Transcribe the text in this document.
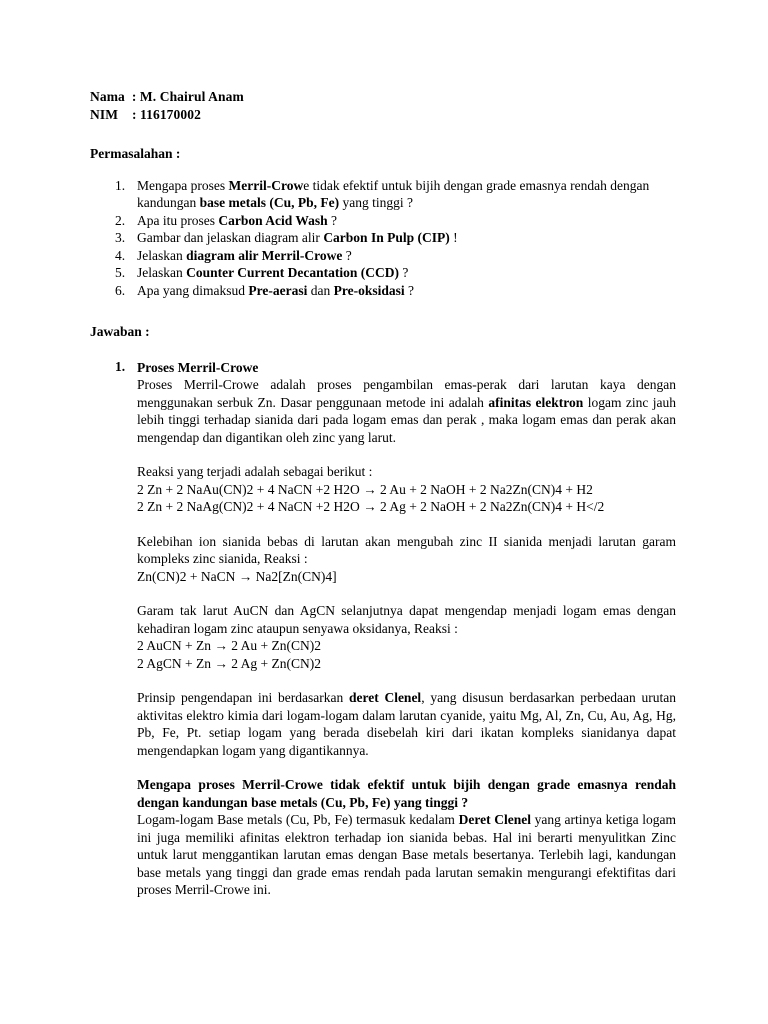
Nama  : M. Chairul Anam
NIM    : 116170002
Permasalahan :
1. Mengapa proses Merril-Crowe tidak efektif untuk bijih dengan grade emasnya rendah dengan kandungan base metals (Cu, Pb, Fe) yang tinggi ?
2. Apa itu proses Carbon Acid Wash ?
3. Gambar dan jelaskan diagram alir Carbon In Pulp (CIP) !
4. Jelaskan diagram alir Merril-Crowe ?
5. Jelaskan Counter Current Decantation (CCD) ?
6. Apa yang dimaksud Pre-aerasi dan Pre-oksidasi ?
Jawaban :
1. Proses Merril-Crowe

Proses Merril-Crowe adalah proses pengambilan emas-perak dari larutan kaya dengan menggunakan serbuk Zn. Dasar penggunaan metode ini adalah afinitas elektron logam zinc jauh lebih tinggi terhadap sianida dari pada logam emas dan perak , maka logam emas dan perak akan mengendap dan digantikan oleh zinc yang larut.

Reaksi yang terjadi adalah sebagai berikut :
2 Zn + 2 NaAu(CN)2 + 4 NaCN +2 H2O → 2 Au + 2 NaOH + 2 Na2Zn(CN)4 + H2
2 Zn + 2 NaAg(CN)2 + 4 NaCN +2 H2O → 2 Ag + 2 NaOH + 2 Na2Zn(CN)4 + H</2

Kelebihan ion sianida bebas di larutan akan mengubah zinc II sianida menjadi larutan garam kompleks zinc sianida, Reaksi :
Zn(CN)2 + NaCN → Na2[Zn(CN)4]

Garam tak larut AuCN dan AgCN selanjutnya dapat mengendap menjadi logam emas dengan kehadiran logam zinc ataupun senyawa oksidanya, Reaksi :
2 AuCN + Zn → 2 Au + Zn(CN)2
2 AgCN + Zn → 2 Ag + Zn(CN)2

Prinsip pengendapan ini berdasarkan deret Clenel, yang disusun berdasarkan perbedaan urutan aktivitas elektro kimia dari logam-logam dalam larutan cyanide, yaitu Mg, Al, Zn, Cu, Au, Ag, Hg, Pb, Fe, Pt. setiap logam yang berada disebelah kiri dari ikatan kompleks sianidanya dapat mengendapkan logam yang digantikannya.

Mengapa proses Merril-Crowe tidak efektif untuk bijih dengan grade emasnya rendah dengan kandungan base metals (Cu, Pb, Fe) yang tinggi ?

Logam-logam Base metals (Cu, Pb, Fe) termasuk kedalam Deret Clenel yang artinya ketiga logam ini juga memiliki afinitas elektron terhadap ion sianida bebas. Hal ini berarti menyulitkan Zinc untuk larut menggantikan larutan emas dengan Base metals besertanya. Terlebih lagi, kandungan base metals yang tinggi dan grade emas rendah pada larutan semakin mengurangi efektifitas dari proses Merril-Crowe ini.
